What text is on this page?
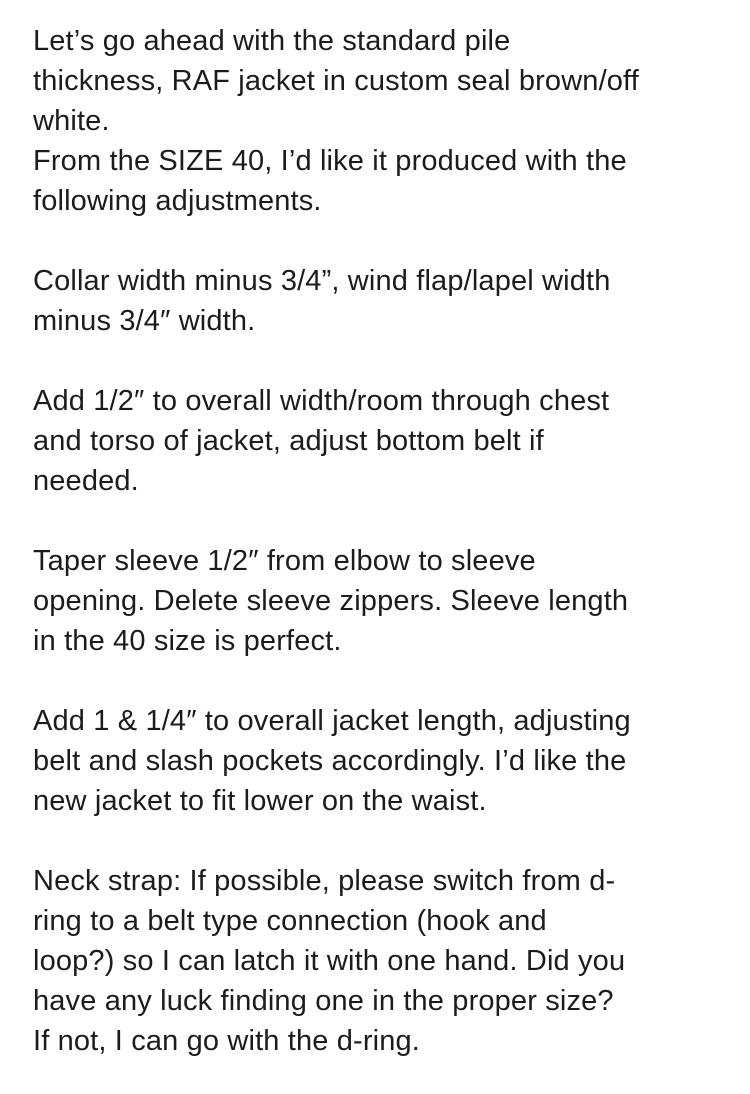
Let’s go ahead with the standard pile
thickness, RAF jacket in custom seal brown/off
white.
From the SIZE 40, I’d like it produced with the
following adjustments.
Collar width minus 3/4”, wind flap/lapel width
minus 3/4″ width.
Add 1/2″ to overall width/room through chest
and torso of jacket, adjust bottom belt if
needed.
Taper sleeve 1/2″ from elbow to sleeve
opening. Delete sleeve zippers. Sleeve length
in the 40 size is perfect.
Add 1 & 1/4″ to overall jacket length, adjusting
belt and slash pockets accordingly. I’d like the
new jacket to fit lower on the waist.
Neck strap: If possible, please switch from d-
ring to a belt type connection (hook and
loop?) so I can latch it with one hand. Did you
have any luck finding one in the proper size?
If not, I can go with the d-ring.
